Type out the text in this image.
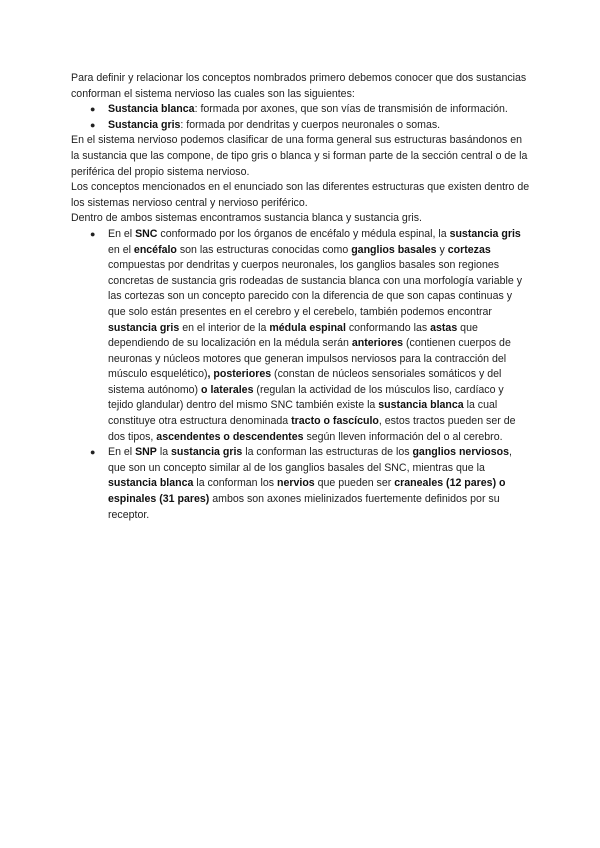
Para definir y relacionar los conceptos nombrados primero debemos conocer que dos sustancias conforman el sistema nervioso las cuales son las siguientes:

● Sustancia blanca: formada por axones, que son vías de transmisión de información.
● Sustancia gris: formada por dendritas y cuerpos neuronales o somas.

En el sistema nervioso podemos clasificar de una forma general sus estructuras basándonos en la sustancia que las compone, de tipo gris o blanca y si forman parte de la sección central o de la periférica del propio sistema nervioso.

Los conceptos mencionados en el enunciado son las diferentes estructuras que existen dentro de los sistemas nervioso central y nervioso periférico.

Dentro de ambos sistemas encontramos sustancia blanca y sustancia gris.

● En el SNC conformado por los órganos de encéfalo y médula espinal, la sustancia gris en el encéfalo son las estructuras conocidas como ganglios basales y cortezas compuestas por dendritas y cuerpos neuronales, los ganglios basales son regiones concretas de sustancia gris rodeadas de sustancia blanca con una morfología variable y las cortezas son un concepto parecido con la diferencia de que son capas continuas y que solo están presentes en el cerebro y el cerebelo, también podemos encontrar sustancia gris en el interior de la médula espinal conformando las astas que dependiendo de su localización en la médula serán anteriores (contienen cuerpos de neuronas y núcleos motores que generan impulsos nerviosos para la contracción del músculo esquelético), posteriores (constan de núcleos sensoriales somáticos y del sistema autónomo) o laterales (regulan la actividad de los músculos liso, cardíaco y tejido glandular) dentro del mismo SNC también existe la sustancia blanca la cual constituye otra estructura denominada tracto o fascículo, estos tractos pueden ser de dos tipos, ascendentes o descendentes según lleven información del o al cerebro.
● En el SNP la sustancia gris la conforman las estructuras de los ganglios nerviosos, que son un concepto similar al de los ganglios basales del SNC, mientras que la sustancia blanca la conforman los nervios que pueden ser craneales (12 pares) o espinales (31 pares) ambos son axones mielinizados fuertemente definidos por su receptor.
